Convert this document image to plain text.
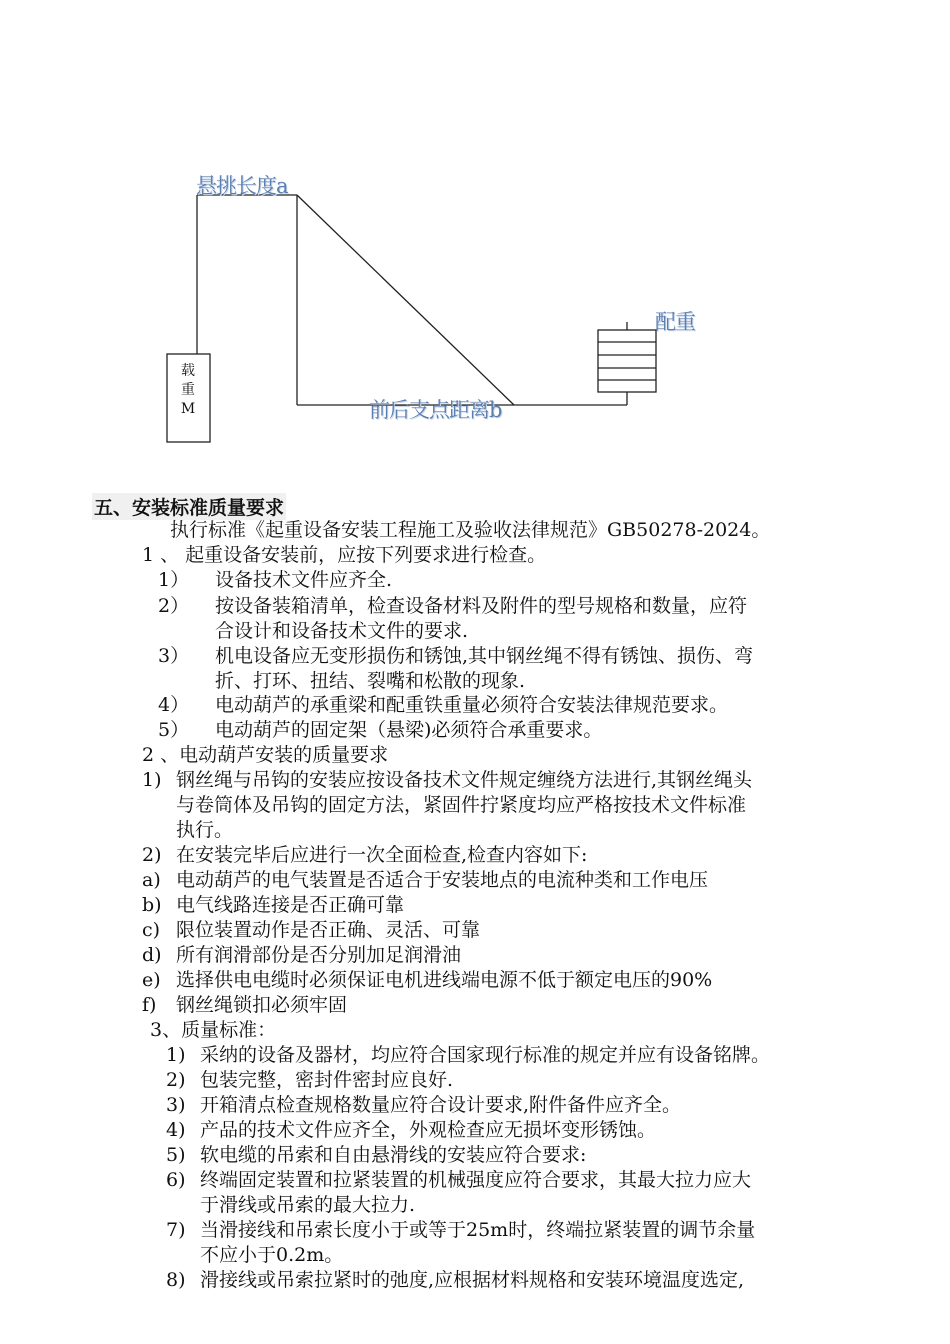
悬挑长度a
配重
前后支点距离b
载
重
M
五、安装标准质量要求
执行标准《起重设备安装工程施工及验收法律规范》GB50278-2024。
1 、 起重设备安装前，应按下列要求进行检查。
1） 设备技术文件应齐全.
2） 按设备装箱清单，检查设备材料及附件的型号规格和数量，应符
合设计和设备技术文件的要求.
3） 机电设备应无变形损伤和锈蚀,其中钢丝绳不得有锈蚀、损伤、弯
折、打环、扭结、裂嘴和松散的现象.
4） 电动葫芦的承重梁和配重铁重量必须符合安装法律规范要求。
5） 电动葫芦的固定架（悬梁)必须符合承重要求。
2 、电动葫芦安装的质量要求
1) 钢丝绳与吊钩的安装应按设备技术文件规定缠绕方法进行,其钢丝绳头
与卷筒体及吊钩的固定方法，紧固件拧紧度均应严格按技术文件标准
执行。
2) 在安装完毕后应进行一次全面检查,检查内容如下:
a) 电动葫芦的电气装置是否适合于安装地点的电流种类和工作电压
b) 电气线路连接是否正确可靠
c) 限位装置动作是否正确、灵活、可靠
d) 所有润滑部份是否分别加足润滑油
e) 选择供电电缆时必须保证电机进线端电源不低于额定电压的90%
f) 钢丝绳锁扣必须牢固
3、质量标准：
1) 采纳的设备及器材，均应符合国家现行标准的规定并应有设备铭牌。
2) 包装完整，密封件密封应良好.
3) 开箱清点检查规格数量应符合设计要求,附件备件应齐全。
4) 产品的技术文件应齐全，外观检查应无损坏变形锈蚀。
5) 软电缆的吊索和自由悬滑线的安装应符合要求:
6) 终端固定装置和拉紧装置的机械强度应符合要求，其最大拉力应大
于滑线或吊索的最大拉力.
7) 当滑接线和吊索长度小于或等于25m时，终端拉紧装置的调节余量
不应小于0.2m。
8) 滑接线或吊索拉紧时的弛度,应根据材料规格和安装环境温度选定,
